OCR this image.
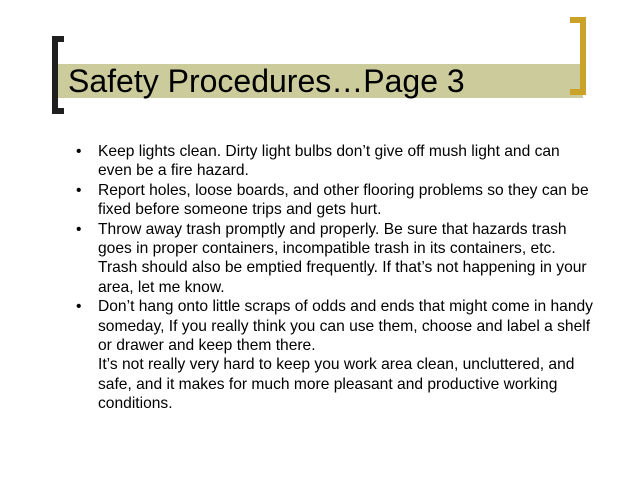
Safety Procedures…Page 3
• Keep lights clean. Dirty light bulbs don’t give off mush light and can even be a fire hazard.
• Report holes, loose boards, and other flooring problems so they can be fixed before someone trips and gets hurt.
• Throw away trash promptly and properly. Be sure that hazards trash goes in proper containers, incompatible trash in its containers, etc. Trash should also be emptied frequently. If that’s not happening in your area, let me know.
• Don’t hang onto little scraps of odds and ends that might come in handy someday, If you really think you can use them, choose and label a shelf or drawer and keep them there.
It’s not really very hard to keep you work area clean, uncluttered, and safe, and it makes for much more pleasant and productive working conditions.
